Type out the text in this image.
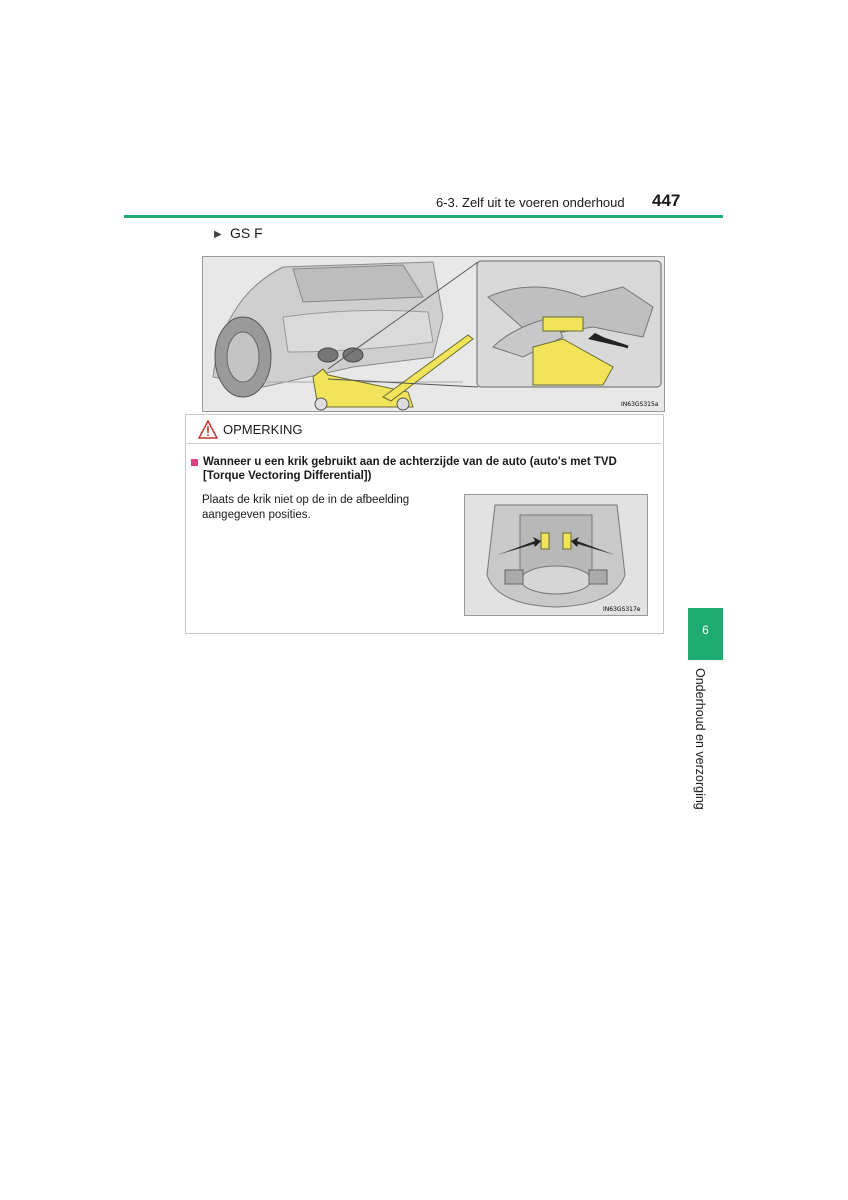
6-3. Zelf uit te voeren onderhoud 447
▶ GS F
IN63GS315a
OPMERKING
Wanneer u een krik gebruikt aan de achterzijde van de auto (auto's met TVD [Torque Vectoring Differential])
Plaats de krik niet op de in de afbeelding aangegeven posities.
IN63GS317e
6
Onderhoud en verzorging
